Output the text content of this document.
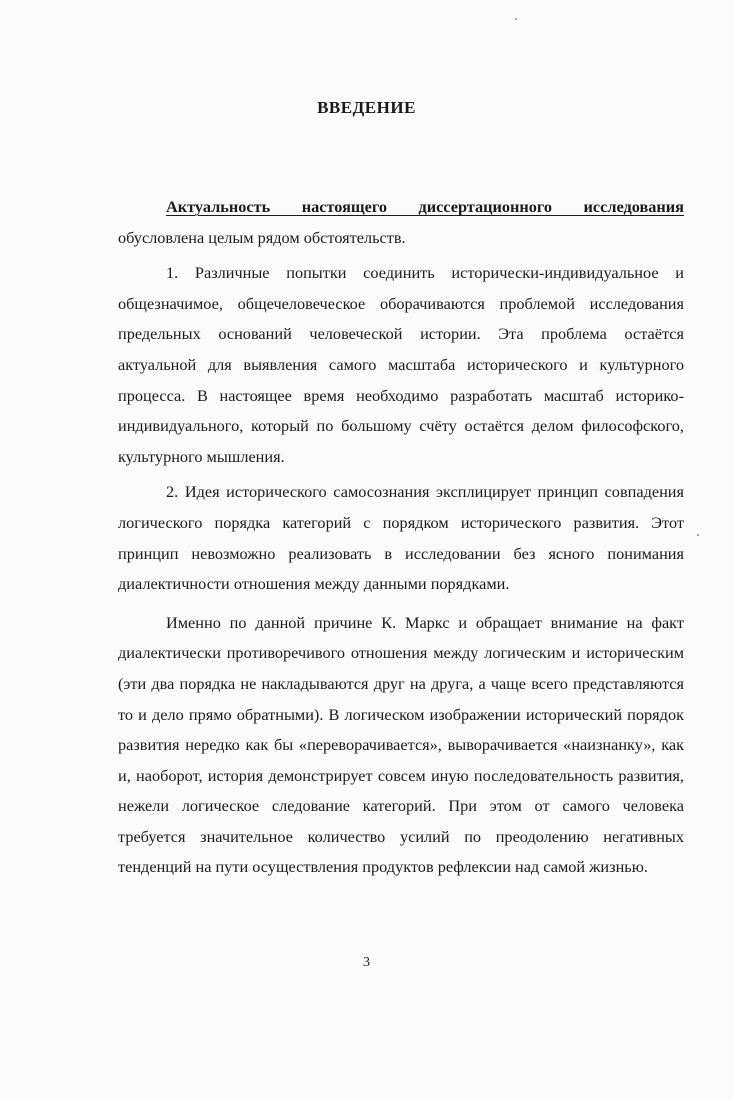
ВВЕДЕНИЕ

Актуальность настоящего диссертационного исследования обусловлена целым рядом обстоятельств.

1. Различные попытки соединить исторически-индивидуальное и общезначимое, общечеловеческое оборачиваются проблемой исследования предельных оснований человеческой истории. Эта проблема остаётся актуальной для выявления самого масштаба исторического и культурного процесса. В настоящее время необходимо разработать масштаб историко-индивидуального, который по большому счёту остаётся делом философского, культурного мышления.

2. Идея исторического самосознания эксплицирует принцип совпадения логического порядка категорий с порядком исторического развития. Этот принцип невозможно реализовать в исследовании без ясного понимания диалектичности отношения между данными порядками.

Именно по данной причине К. Маркс и обращает внимание на факт диалектически противоречивого отношения между логическим и историческим (эти два порядка не накладываются друг на друга, а чаще всего представляются то и дело прямо обратными). В логическом изображении исторический порядок развития нередко как бы «переворачивается», выворачивается «наизнанку», как и, наоборот, история демонстрирует совсем иную последовательность развития, нежели логическое следование категорий. При этом от самого человека требуется значительное количество усилий по преодолению негативных тенденций на пути осуществления продуктов рефлексии над самой жизнью.

3
